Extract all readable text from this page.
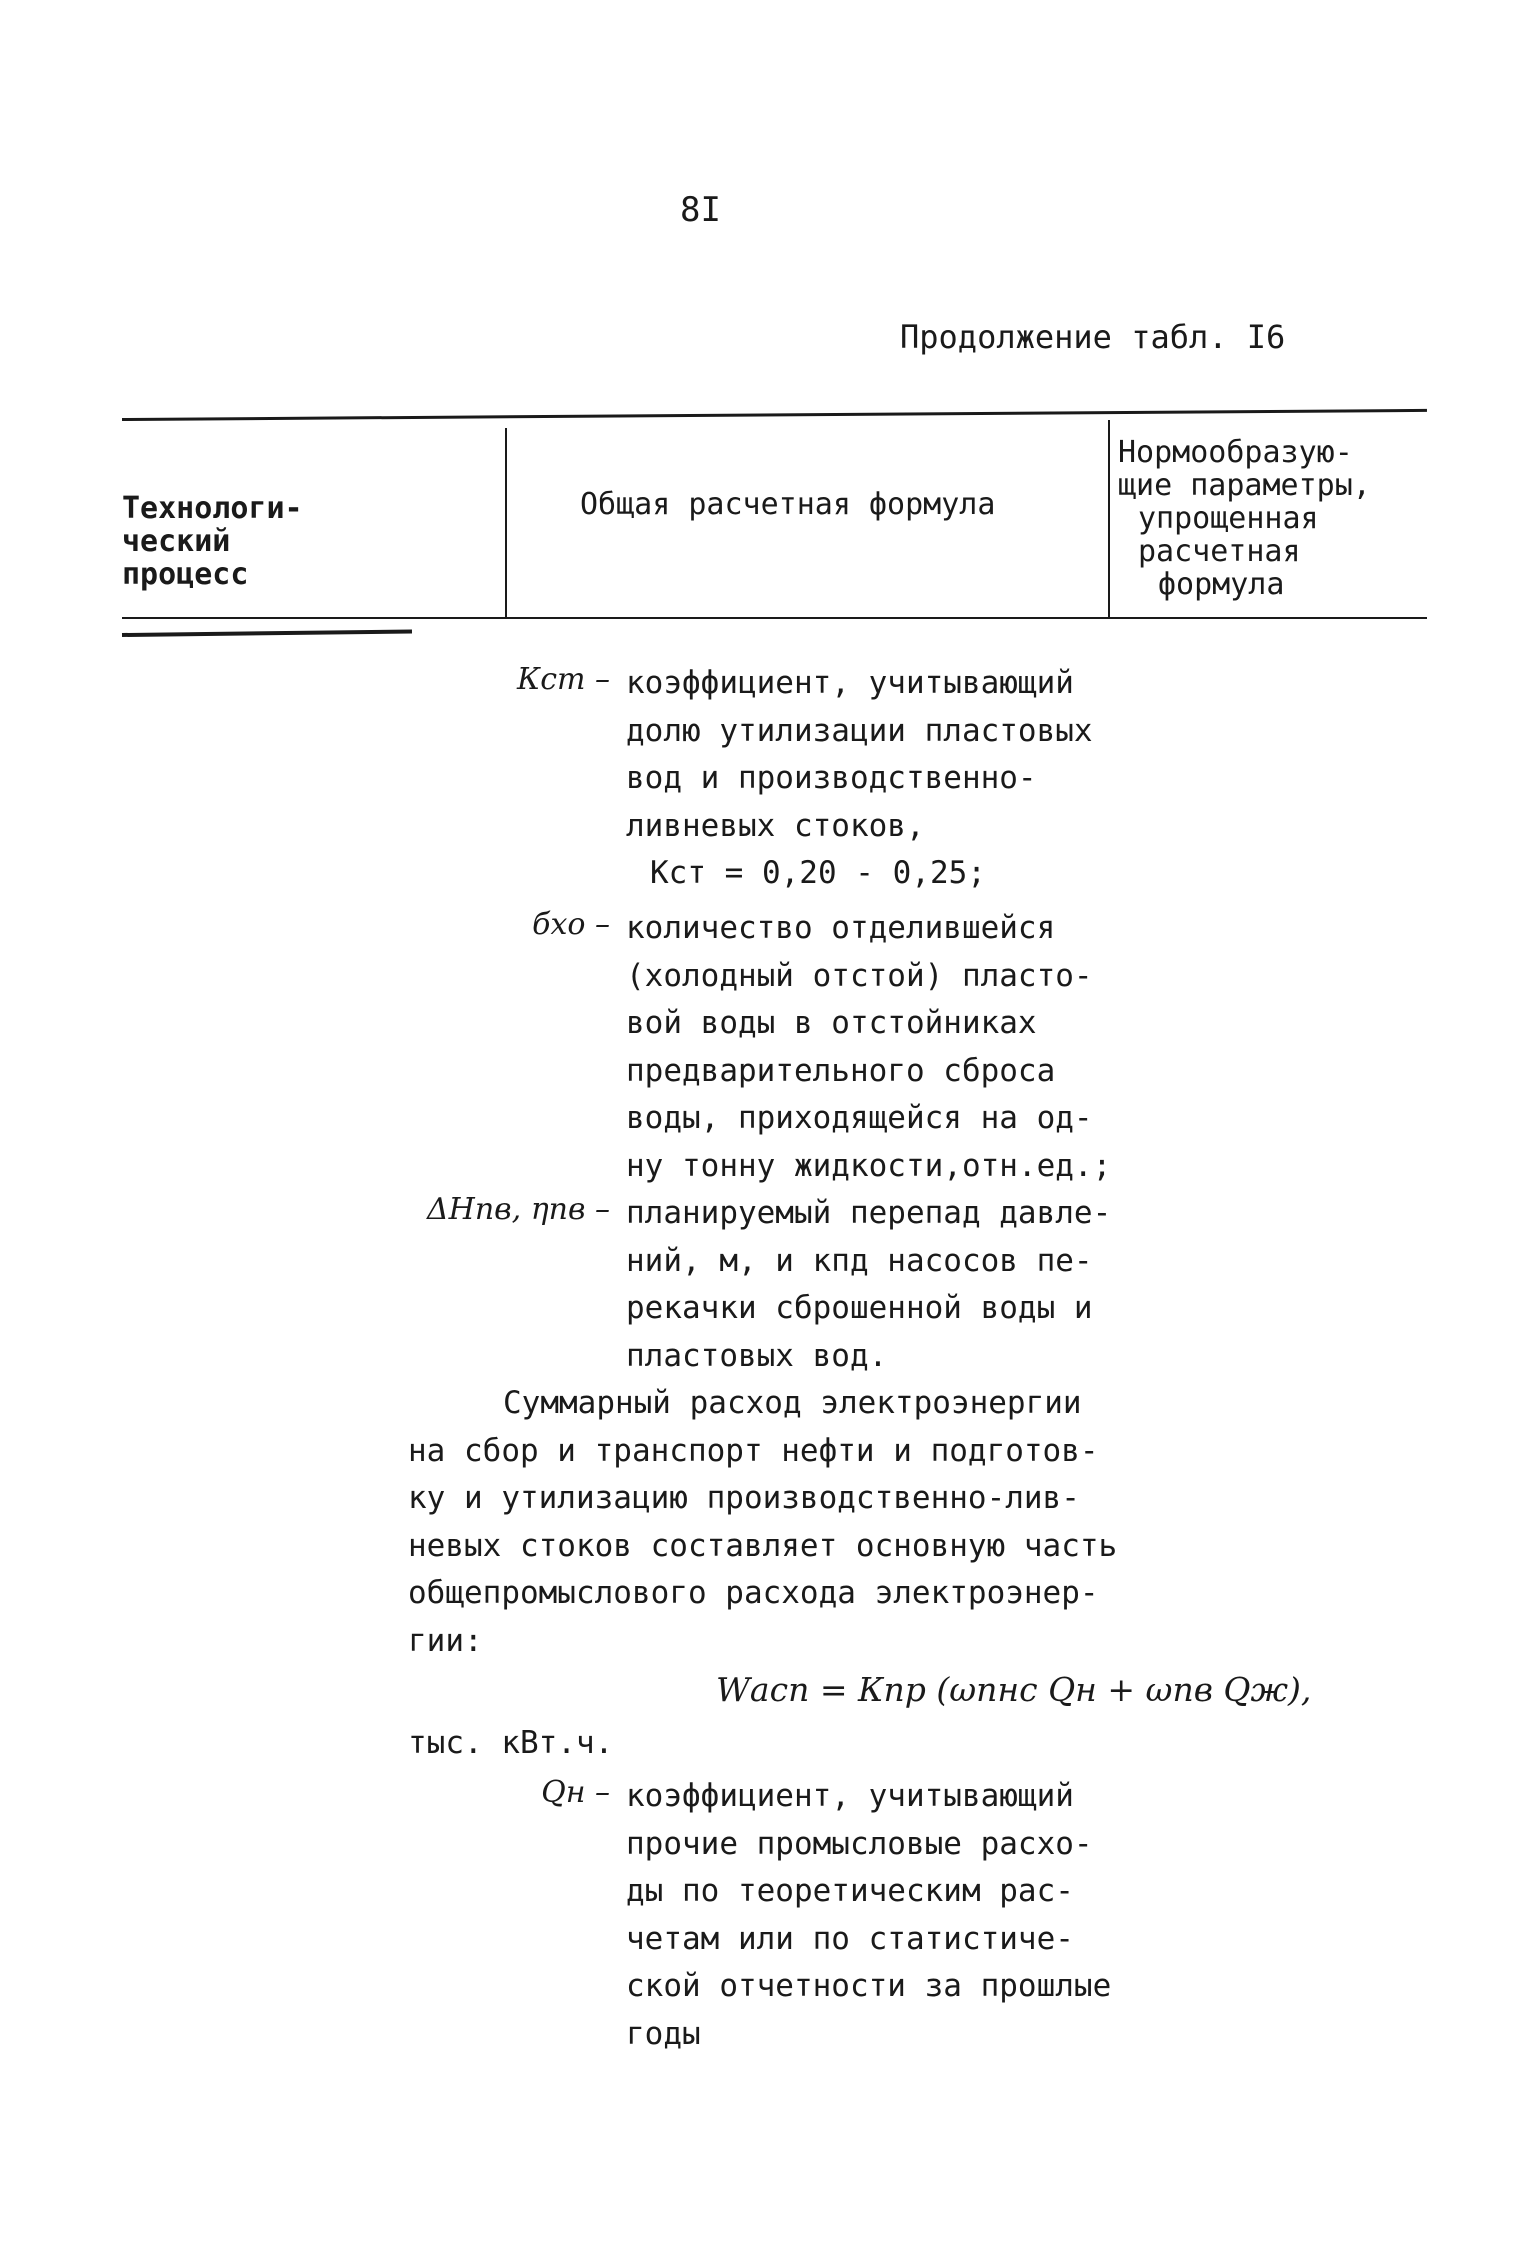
8I
Продолжение табл. I6
Технологи-
ческий
процесс
Общая расчетная формула
Нормообразую-
щие параметры,
упрощенная
расчетная
формула
Кст – коэффициент, учитывающий
долю утилизации пластовых
вод и производственно-
ливневых стоков,
Кст = 0,20 - 0,25;
бхо – количество отделившейся
(холодный отстой) пласто-
вой воды в отстойниках
предварительного сброса
воды, приходящейся на од-
ну тонну жидкости,отн.ед.;
ΔНпв, ηпв – планируемый перепад давле-
ний, м, и кпд насосов пе-
рекачки сброшенной воды и
пластовых вод.
Суммарный расход электроэнергии
на сбор и транспорт нефти и подготов-
ку и утилизацию производственно-лив-
невых стоков составляет основную часть
общепромыслового расхода электроэнер-
гии:
Wасп = Кпр (ωпнс Qн + ωпв Qж),
тыс. кВт.ч.
Qн – коэффициент, учитывающий
прочие промысловые расхо-
ды по теоретическим рас-
четам или по статистиче-
ской отчетности за прошлые
годы
